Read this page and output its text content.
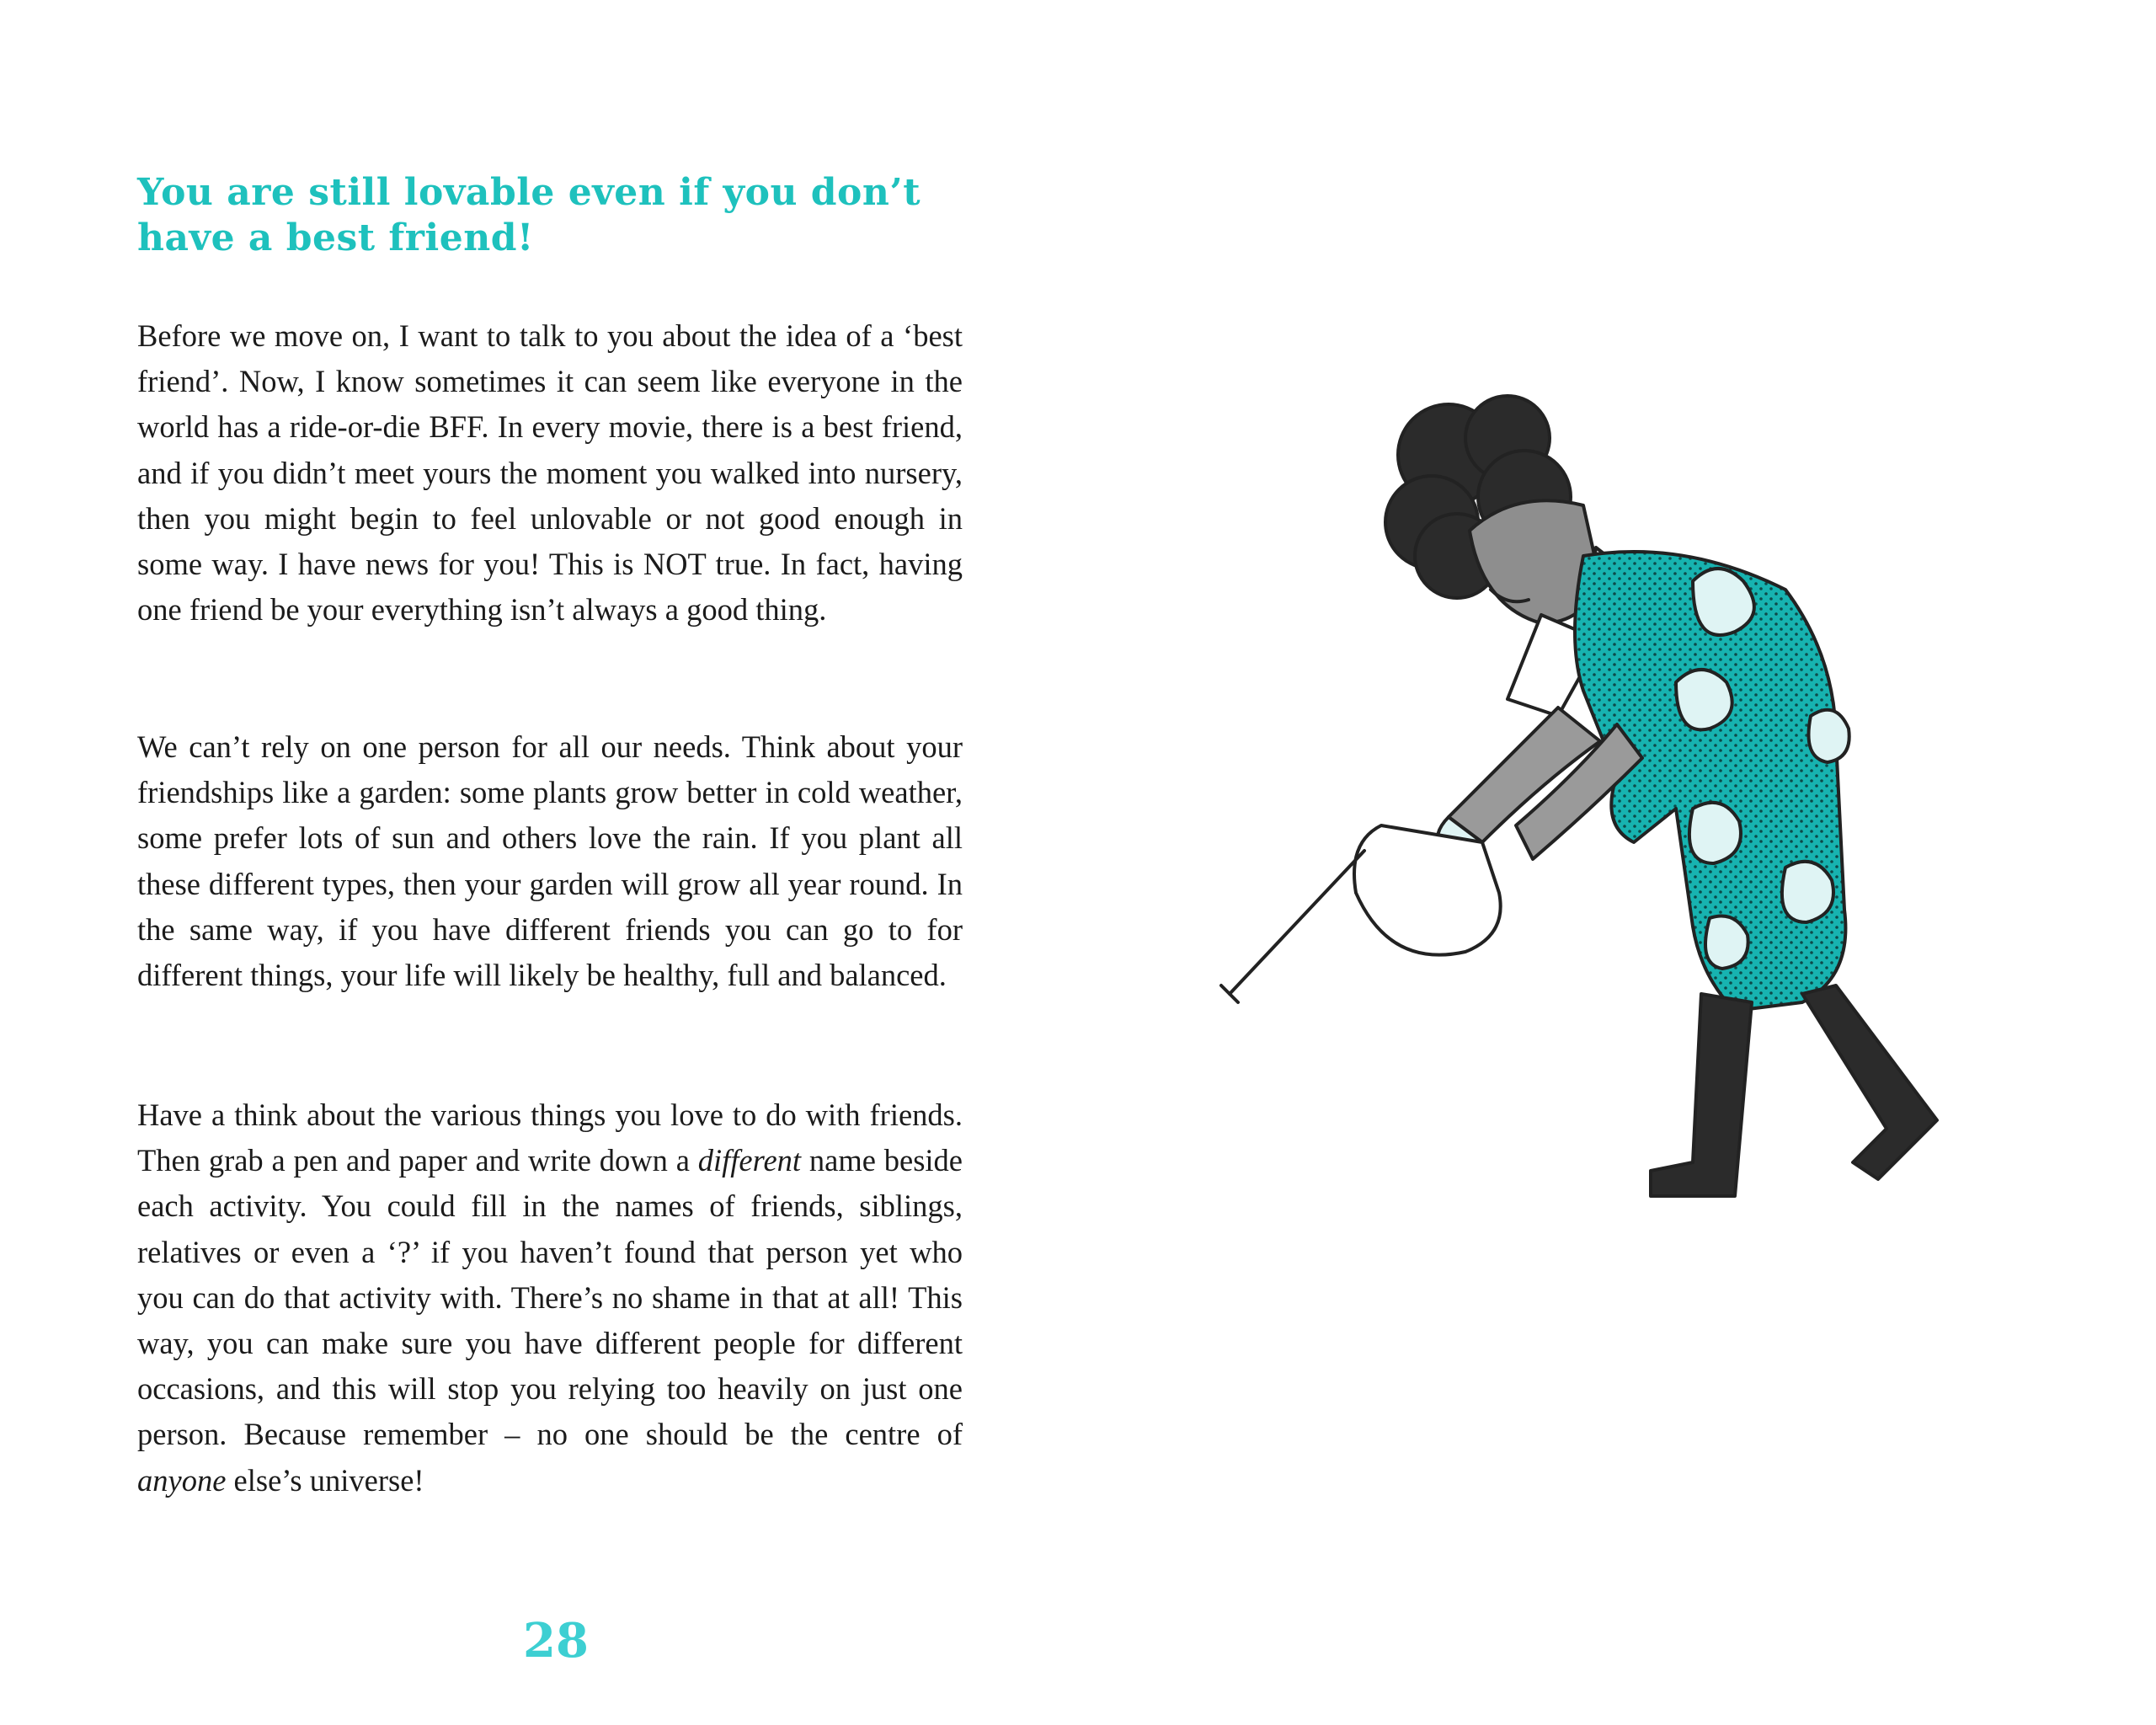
You are still lovable even if you don’t have a best friend!

Before we move on, I want to talk to you about the idea of a ‘best friend’. Now, I know sometimes it can seem like everyone in the world has a ride-or-die BFF. In every movie, there is a best friend, and if you didn’t meet yours the moment you walked into nursery, then you might begin to feel unlovable or not good enough in some way. I have news for you! This is NOT true. In fact, having one friend be your everything isn’t always a good thing.

We can’t rely on one person for all our needs. Think about your friendships like a garden: some plants grow better in cold weather, some prefer lots of sun and others love the rain. If you plant all these different types, then your garden will grow all year round. In the same way, if you have different friends you can go to for different things, your life will likely be healthy, full and balanced.

Have a think about the various things you love to do with friends. Then grab a pen and paper and write down a different name beside each activity. You could fill in the names of friends, siblings, relatives or even a ‘?’ if you haven’t found that person yet who you can do that activity with. There’s no shame in that at all! This way, you can make sure you have different people for different occasions, and this will stop you relying too heavily on just one person. Because remember – no one should be the centre of anyone else’s universe!

28
